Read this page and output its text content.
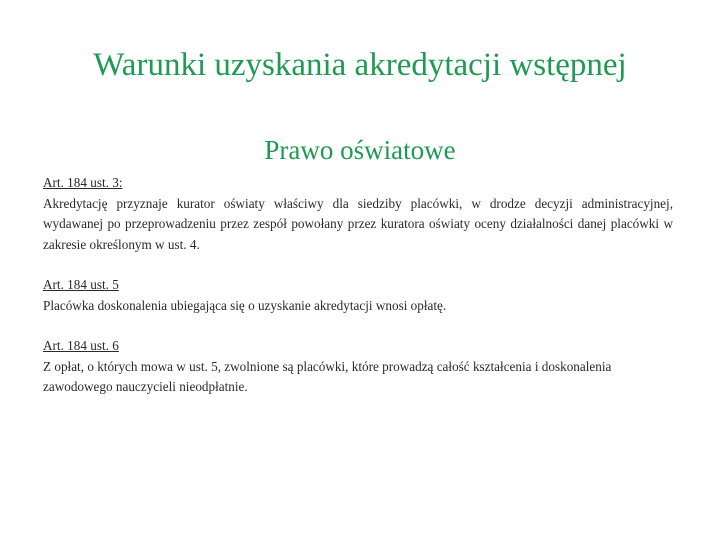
Warunki uzyskania akredytacji wstępnej
Prawo oświatowe
Art. 184 ust. 3:
Akredytację przyznaje kurator oświaty właściwy dla siedziby placówki, w drodze decyzji administracyjnej, wydawanej po przeprowadzeniu przez zespół powołany przez kuratora oświaty oceny działalności danej placówki w zakresie określonym w ust. 4.
Art. 184 ust. 5
Placówka doskonalenia ubiegająca się o uzyskanie akredytacji wnosi opłatę.
Art. 184 ust. 6
Z opłat, o których mowa w ust. 5, zwolnione są placówki, które prowadzą całość kształcenia i doskonalenia zawodowego nauczycieli nieodpłatnie.
